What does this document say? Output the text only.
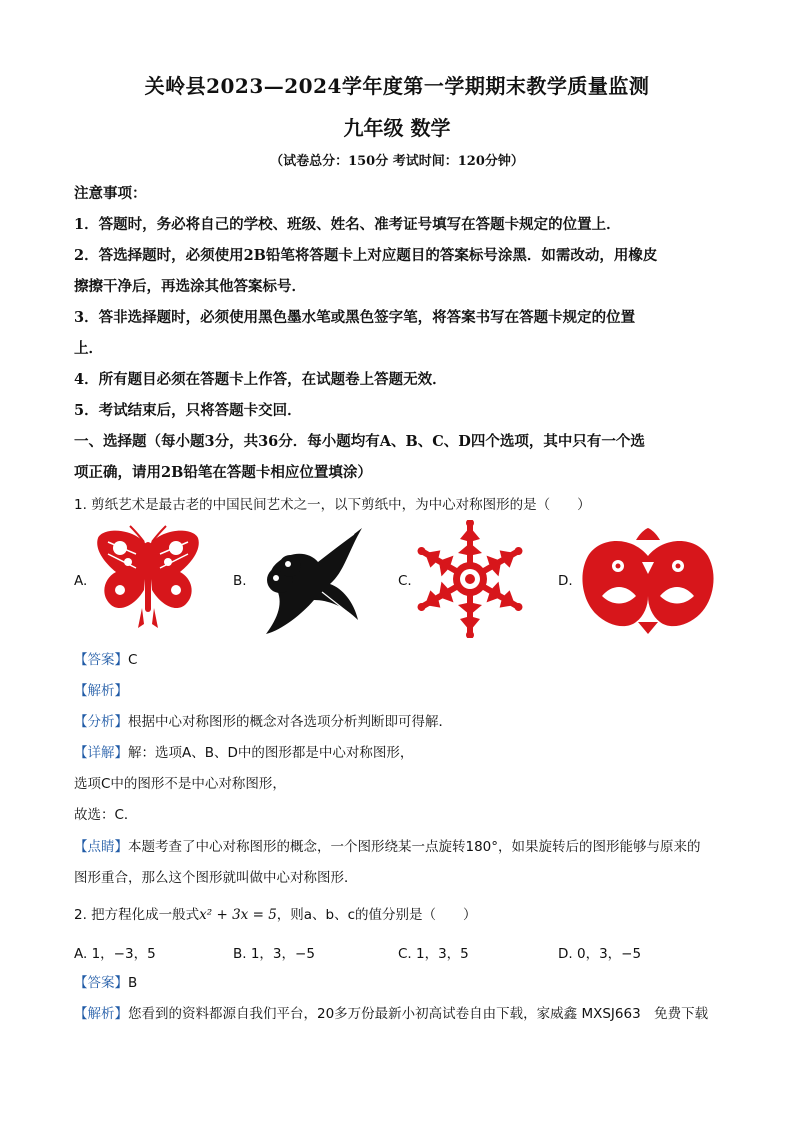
关岭县2023—2024学年度第一学期期末教学质量监测
九年级 数学
（试卷总分：150分 考试时间：120分钟）
注意事项：
1．答题时，务必将自己的学校、班级、姓名、准考证号填写在答题卡规定的位置上．
2．答选择题时，必须使用2B铅笔将答题卡上对应题目的答案标号涂黑．如需改动，用橡皮
擦擦干净后，再选涂其他答案标号．
3．答非选择题时，必须使用黑色墨水笔或黑色签字笔，将答案书写在答题卡规定的位置
上．
4．所有题目必须在答题卡上作答，在试题卷上答题无效．
5．考试结束后，只将答题卡交回．
一、选择题（每小题3分，共36分．每小题均有A、B、C、D四个选项，其中只有一个选
项正确，请用2B铅笔在答题卡相应位置填涂）
1. 剪纸艺术是最古老的中国民间艺术之一，以下剪纸中，为中心对称图形的是（　　）
A.	B.	C.	D.
【答案】C
【解析】
【分析】根据中心对称图形的概念对各选项分析判断即可得解．
【详解】解：选项A、B、D中的图形都是中心对称图形，
选项C中的图形不是中心对称图形，
故选：C．
【点睛】本题考查了中心对称图形的概念，一个图形绕某一点旋转180°，如果旋转后的图形能够与原来的
图形重合，那么这个图形就叫做中心对称图形．
2. 把方程化成一般式x² + 3x = 5，则a、b、c的值分别是（　　）
A. 1，−3，5	B. 1，3，−5	C. 1，3，5	D. 0，3，−5
【答案】B
【解析】您看到的资料都源自我们平台，20多万份最新小初高试卷自由下载，家威鑫 MXSJ663　免费下载
